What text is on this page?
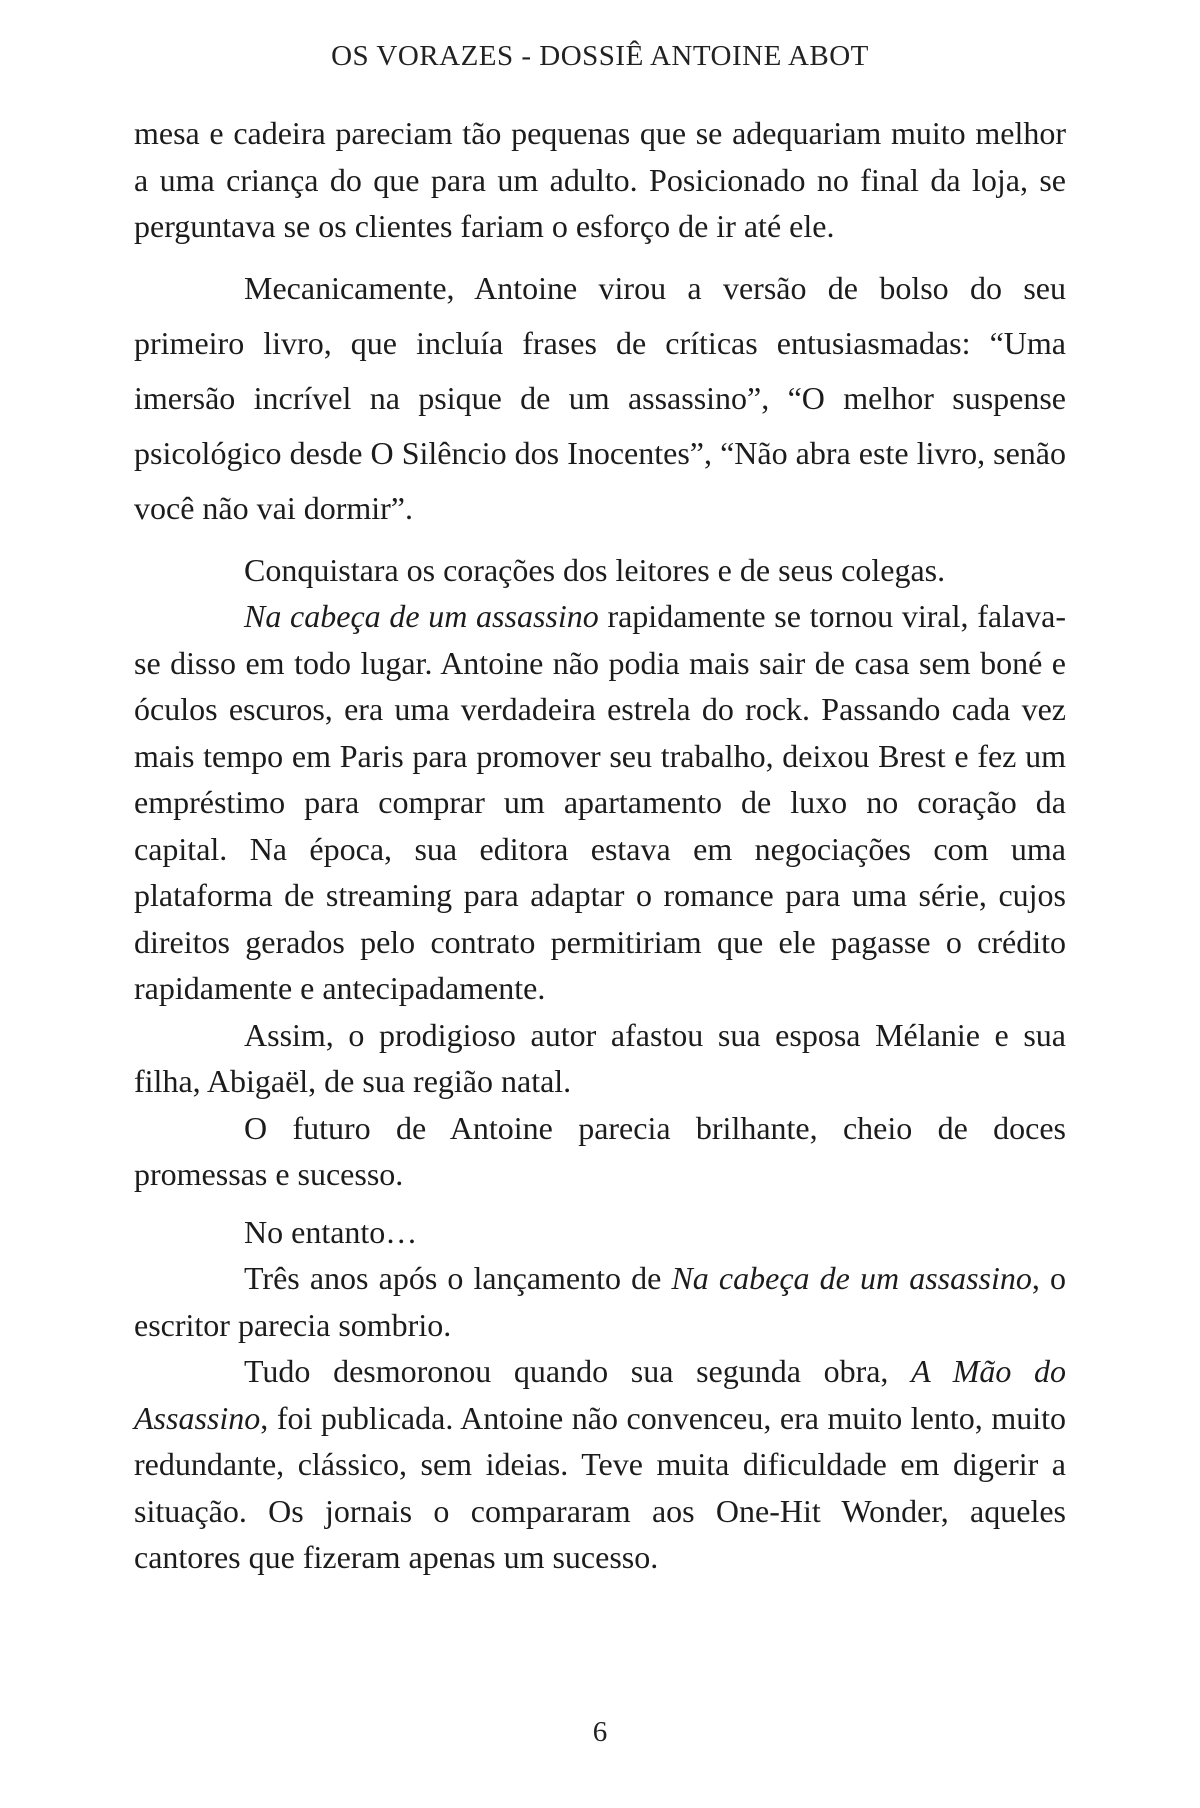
OS VORAZES - DOSSIÊ ANTOINE ABOT

mesa e cadeira pareciam tão pequenas que se adequariam muito melhor a uma criança do que para um adulto. Posicionado no final da loja, se perguntava se os clientes fariam o esforço de ir até ele.

Mecanicamente, Antoine virou a versão de bolso do seu primeiro livro, que incluía frases de críticas entusiasmadas: “Uma imersão incrível na psique de um assassino”, “O melhor suspense psicológico desde O Silêncio dos Inocentes”, “Não abra este livro, senão você não vai dormir”.

Conquistara os corações dos leitores e de seus colegas.

Na cabeça de um assassino rapidamente se tornou viral, falava-se disso em todo lugar. Antoine não podia mais sair de casa sem boné e óculos escuros, era uma verdadeira estrela do rock. Passando cada vez mais tempo em Paris para promover seu trabalho, deixou Brest e fez um empréstimo para comprar um apartamento de luxo no coração da capital. Na época, sua editora estava em negociações com uma plataforma de streaming para adaptar o romance para uma série, cujos direitos gerados pelo contrato permitiriam que ele pagasse o crédito rapidamente e antecipadamente.

Assim, o prodigioso autor afastou sua esposa Mélanie e sua filha, Abigaël, de sua região natal.

O futuro de Antoine parecia brilhante, cheio de doces promessas e sucesso.

No entanto…

Três anos após o lançamento de Na cabeça de um assassino, o escritor parecia sombrio.

Tudo desmoronou quando sua segunda obra, A Mão do Assassino, foi publicada. Antoine não convenceu, era muito lento, muito redundante, clássico, sem ideias. Teve muita dificuldade em digerir a situação. Os jornais o compararam aos One-Hit Wonder, aqueles cantores que fizeram apenas um sucesso.

6
